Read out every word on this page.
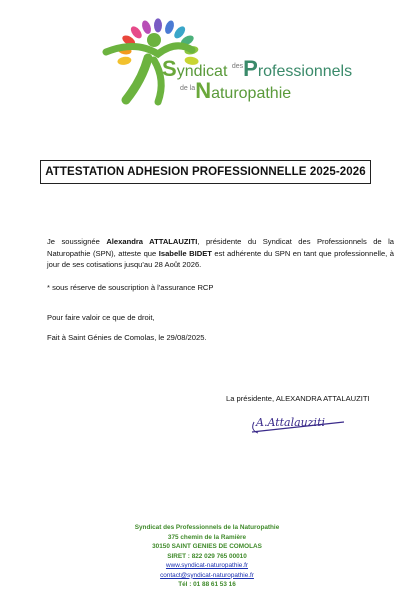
Syndicat $^{des}$Professionnels
$^{de la}$Naturopathie
ATTESTATION ADHESION PROFESSIONNELLE 2025-2026
Je soussignée Alexandra ATTALAUZITI, présidente du Syndicat des Professionnels de la Naturopathie (SPN), atteste que Isabelle BIDET est adhérente du SPN en tant que professionnelle, à jour de ses cotisations jusqu'au 28 Août 2026.
* sous réserve de souscription à l'assurance RCP
Pour faire valoir ce que de droit,
Fait à Saint Génies de Comolas, le 29/08/2025.
La présidente, ALEXANDRA ATTALAUZITI
A.Attalauziti
Syndicat des Professionnels de la Naturopathie
375 chemin de la Ramière
30150 SAINT GENIES DE COMOLAS
SIRET : 822 029 765 00010
www.syndicat-naturopathie.fr
contact@syndicat-naturopathie.fr
Tél : 01 88 61 53 16
